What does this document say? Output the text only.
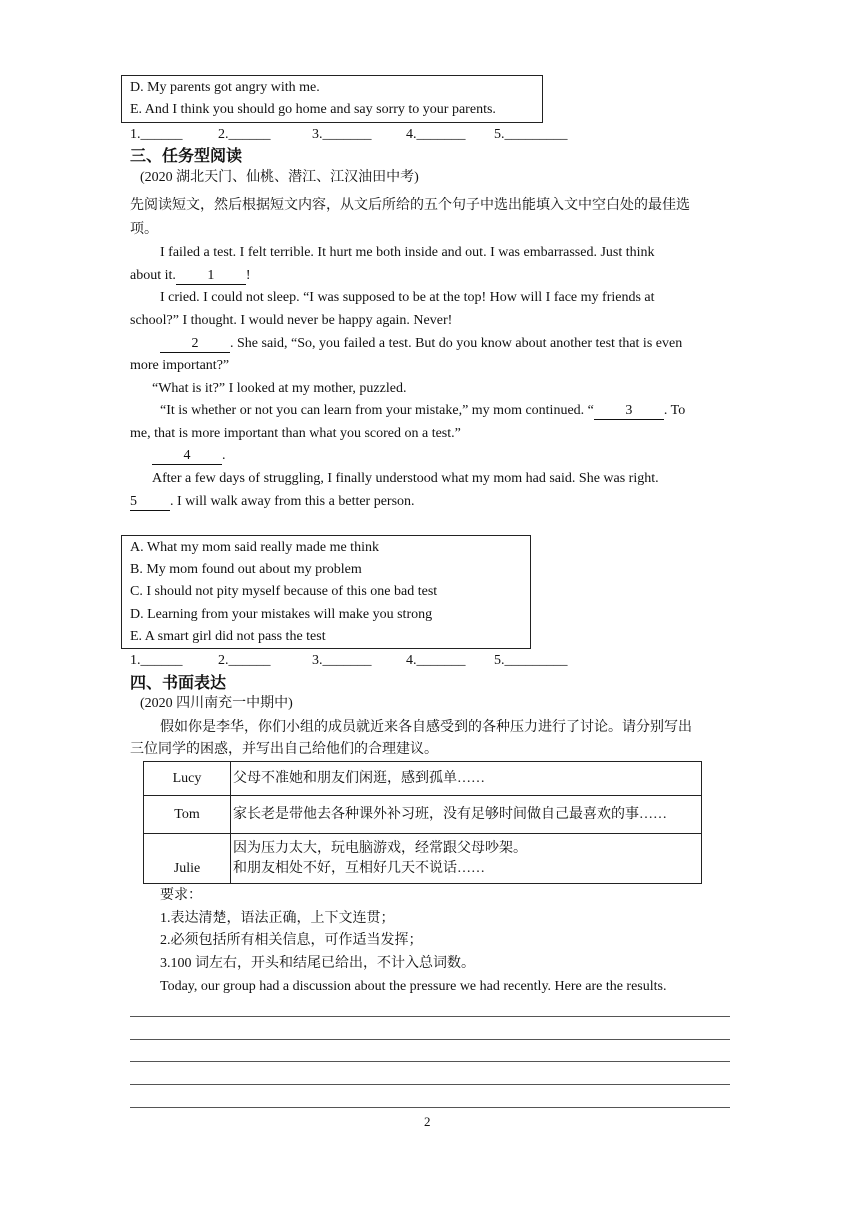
D. My parents got angry with me.
E. And I think you should go home and say sorry to your parents.
1.______	2.______	3._______ 4._______ 5._________
三、任务型阅读
(2020 湖北天门、仙桃、潜江、江汉油田中考)
先阅读短文，然后根据短文内容，从文后所给的五个句子中选出能填入文中空白处的最佳选
项。
I failed a test. I felt terrible. It hurt me both inside and out. I was embarrassed. Just think
about it. 1 !
I cried. I could not sleep. “I was supposed to be at the top! How will I face my friends at
school?” I thought. I would never be happy again. Never!
2 . She said, “So, you failed a test. But do you know about another test that is even
more important?”
“What is it?” I looked at my mother, puzzled.
“It is whether or not you can learn from your mistake,” my mom continued. “ 3 . To
me, that is more important than what you scored on a test.”
4 .
After a few days of struggling, I finally understood what my mom had said. She was right.
5 . I will walk away from this a better person.
A. What my mom said really made me think
B. My mom found out about my problem
C. I should not pity myself because of this one bad test
D. Learning from your mistakes will make you strong
E. A smart girl did not pass the test
1.______	2.______	3._______ 4._______ 5._________
四、书面表达
(2020 四川南充一中期中)
假如你是李华，你们小组的成员就近来各自感受到的各种压力进行了讨论。请分别写出
三位同学的困惑，并写出自己给他们的合理建议。
Lucy	父母不准她和朋友们闲逛，感到孤单……
Tom	家长老是带他去各种课外补习班，没有足够时间做自己最喜欢的事……
Julie	因为压力太大，玩电脑游戏，经常跟父母吵架。
和朋友相处不好，互相好几天不说话……
要求：
1.表达清楚，语法正确，上下文连贯；
2.必须包括所有相关信息，可作适当发挥；
3.100 词左右，开头和结尾已给出，不计入总词数。
Today, our group had a discussion about the pressure we had recently. Here are the results.
2
